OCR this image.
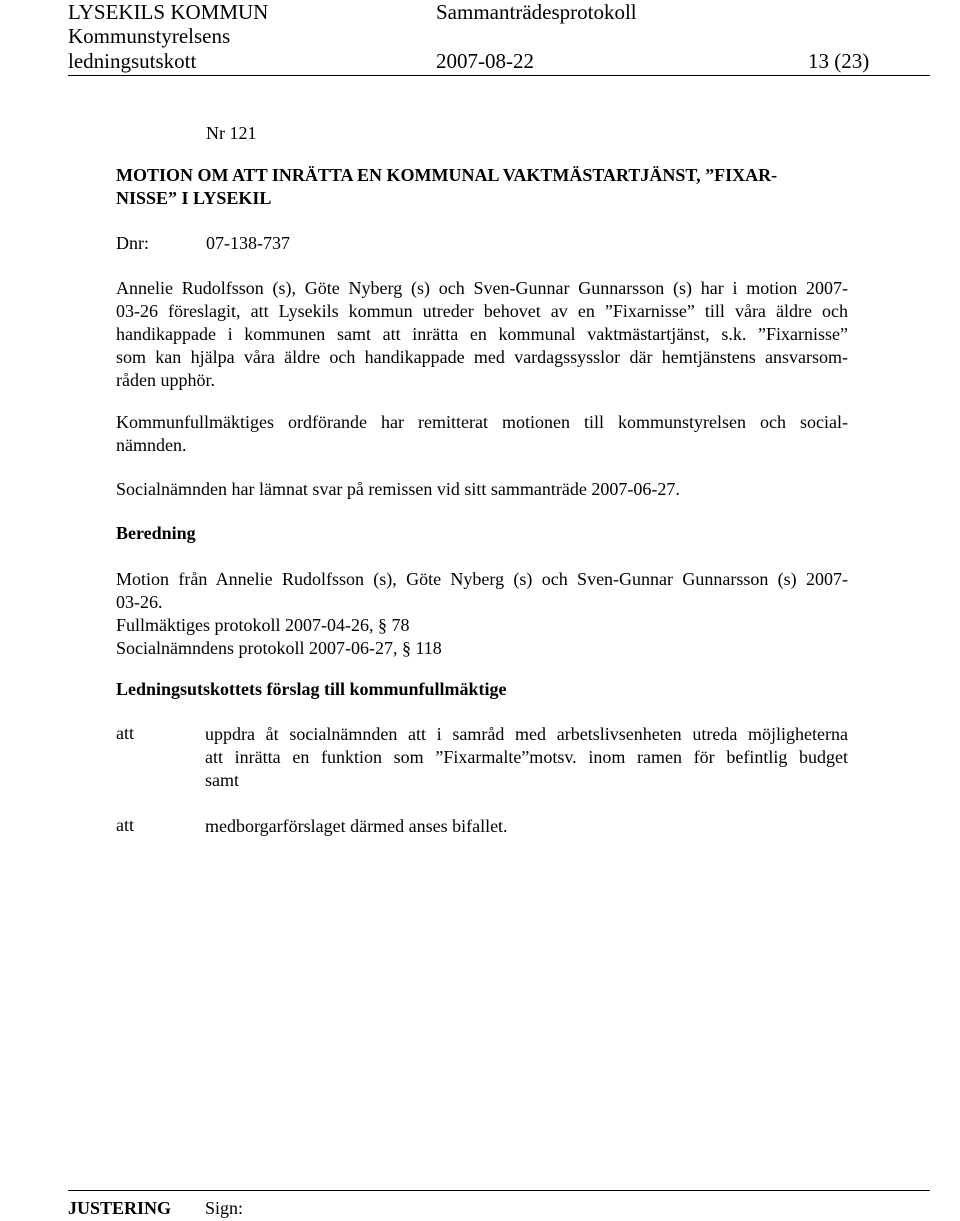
LYSEKILS KOMMUN
Kommunstyrelsens
ledningsutskott
Sammanträdesprotokoll
2007-08-22	13 (23)
Nr 121
MOTION OM ATT INRÄTTA EN KOMMUNAL VAKTMÄSTARTJÄNST, ”FIXAR-
NISSE” I LYSEKIL
Dnr:	07-138-737
Annelie Rudolfsson (s), Göte Nyberg (s) och Sven-Gunnar Gunnarsson (s) har i motion 2007-
03-26 föreslagit, att Lysekils kommun utreder behovet av en ”Fixarnisse” till våra äldre och
handikappade i kommunen samt att inrätta en kommunal vaktmästartjänst, s.k. ”Fixarnisse”
som kan hjälpa våra äldre och handikappade med vardagssysslor där hemtjänstens ansvarsom-
råden upphör.
Kommunfullmäktiges ordförande har remitterat motionen till kommunstyrelsen och social-
nämnden.
Socialnämnden har lämnat svar på remissen vid sitt sammanträde 2007-06-27.
Beredning
Motion från Annelie Rudolfsson (s), Göte Nyberg (s) och Sven-Gunnar Gunnarsson (s) 2007-
03-26.
Fullmäktiges protokoll 2007-04-26, § 78
Socialnämndens protokoll 2007-06-27, § 118
Ledningsutskottets förslag till kommunfullmäktige
att	uppdra åt socialnämnden att i samråd med arbetslivsenheten utreda möjligheterna
att inrätta en funktion som ”Fixarmalte”motsv. inom ramen för befintlig budget
samt
att	medborgarförslaget därmed anses bifallet.
JUSTERING Sign:
